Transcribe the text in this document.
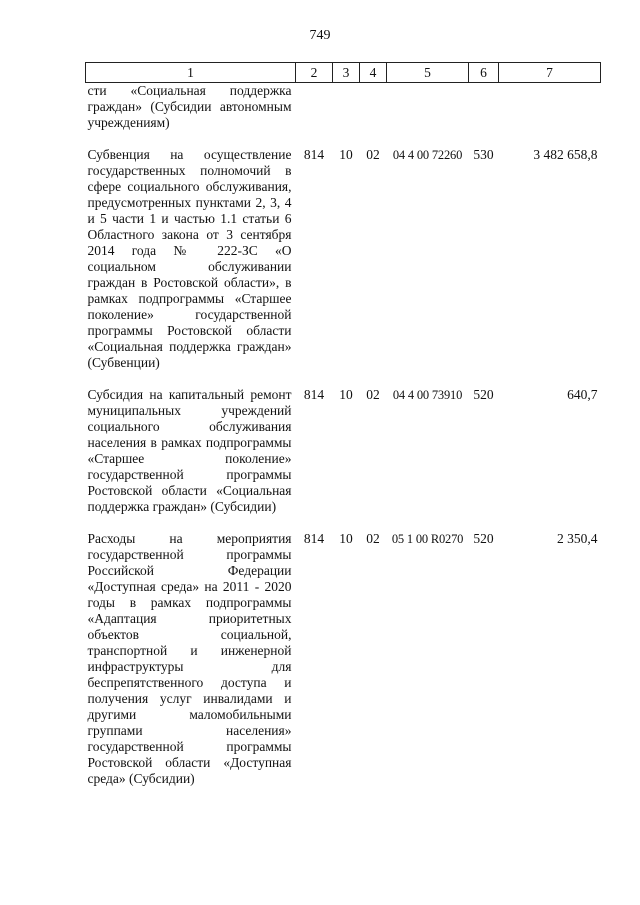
749
1	2	3	4	5	6	7
сти «Социальная поддержка граждан» (Субсидии автономным учреждениям)						
Субвенция на осуществление государственных полномочий в сфере социального обслуживания, предусмотренных пунктами 2, 3, 4 и 5 части 1 и частью 1.1 статьи 6 Областного закона от 3 сентября 2014 года № 222-ЗС «О социальном обслуживании граждан в Ростовской области», в рамках подпрограммы «Старшее поколение» государственной программы Ростовской области «Социальная поддержка граждан» (Субвенции)	814	10	02	04 4 00 72260	530	3 482 658,8
Субсидия на капитальный ремонт муниципальных учреждений социального обслуживания населения в рамках подпрограммы «Старшее поколение» государственной программы Ростовской области «Социальная поддержка граждан» (Субсидии)	814	10	02	04 4 00 73910	520	640,7
Расходы на мероприятия государственной программы Российской Федерации «Доступная среда» на 2011 - 2020 годы в рамках подпрограммы «Адаптация приоритетных объектов социальной, транспортной и инженерной инфраструктуры для беспрепятственного доступа и получения услуг инвалидами и другими маломобильными группами населения» государственной программы Ростовской области «Доступная среда» (Субсидии)	814	10	02	05 1 00 R0270	520	2 350,4
